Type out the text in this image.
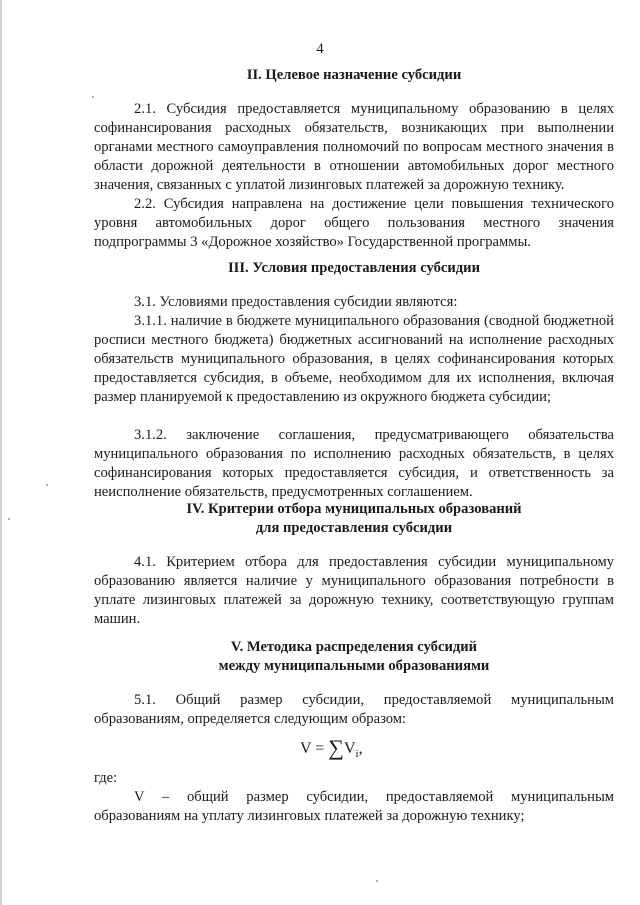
4
II. Целевое назначение субсидии
2.1. Субсидия предоставляется муниципальному образованию в целях софинансирования расходных обязательств, возникающих при выполнении органами местного самоуправления полномочий по вопросам местного значения в области дорожной деятельности в отношении автомобильных дорог местного значения, связанных с уплатой лизинговых платежей за дорожную технику.
2.2. Субсидия направлена на достижение цели повышения технического уровня автомобильных дорог общего пользования местного значения подпрограммы 3 «Дорожное хозяйство» Государственной программы.
III. Условия предоставления субсидии
3.1. Условиями предоставления субсидии являются:
3.1.1. наличие в бюджете муниципального образования (сводной бюджетной росписи местного бюджета) бюджетных ассигнований на исполнение расходных обязательств муниципального образования, в целях софинансирования которых предоставляется субсидия, в объеме, необходимом для их исполнения, включая размер планируемой к предоставлению из окружного бюджета субсидии;
3.1.2. заключение соглашения, предусматривающего обязательства муниципального образования по исполнению расходных обязательств, в целях софинансирования которых предоставляется субсидия, и ответственность за неисполнение обязательств, предусмотренных соглашением.
IV. Критерии отбора муниципальных образований
для предоставления субсидии
4.1. Критерием отбора для предоставления субсидии муниципальному образованию является наличие у муниципального образования потребности в уплате лизинговых платежей за дорожную технику, соответствующую группам машин.
V. Методика распределения субсидий
между муниципальными образованиями
5.1. Общий размер субсидии, предоставляемой муниципальным образованиям, определяется следующим образом:
$V = \sum V_i$,
где:
V – общий размер субсидии, предоставляемой муниципальным образованиям на уплату лизинговых платежей за дорожную технику;
